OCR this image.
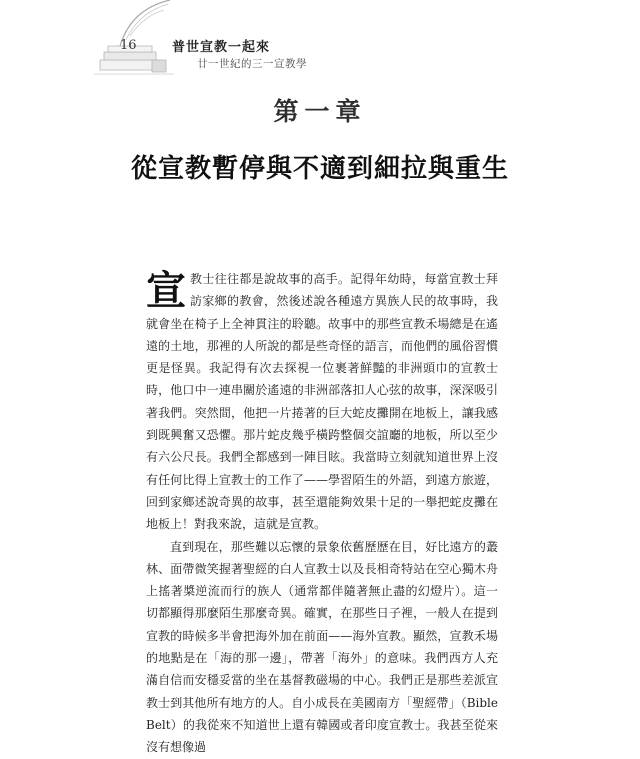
16	普世宣教一起來
廿一世紀的三一宣教學
第一章
從宣教暫停與不適到細拉與重生

宣 教士往往都是說故事的高手。記得年幼時，每當宣教士拜訪家鄉的教會，然後述說各種遠方異族人民的故事時，我就會坐在椅子上全神貫注的聆聽。故事中的那些宣教禾場總是在遙遠的土地，那裡的人所說的都是些奇怪的語言，而他們的風俗習慣更是怪異。我記得有次去探視一位裹著鮮豔的非洲頭巾的宣教士時，他口中一連串關於遙遠的非洲部落扣人心弦的故事，深深吸引著我們。突然間，他把一片捲著的巨大蛇皮攤開在地板上，讓我感到既興奮又恐懼。那片蛇皮幾乎橫跨整個交誼廳的地板，所以至少有六公尺長。我們全都感到一陣目眩。我當時立刻就知道世界上沒有任何比得上宣教士的工作了——學習陌生的外語，到遠方旅遊，回到家鄉述說奇異的故事，甚至還能夠效果十足的一舉把蛇皮攤在地板上！對我來說，這就是宣教。

直到現在，那些難以忘懷的景象依舊歷歷在目，好比遠方的叢林、面帶微笑握著聖經的白人宣教士以及長相奇特站在空心獨木舟上搖著槳逆流而行的族人（通常都伴隨著無止盡的幻燈片）。這一切都顯得那麼陌生那麼奇異。確實，在那些日子裡，一般人在提到宣教的時候多半會把海外加在前面——海外宣教。顯然，宣教禾場的地點是在「海的那一邊」，帶著「海外」的意味。我們西方人充滿自信而安穩妥當的坐在基督教磁場的中心。我們正是那些差派宣教士到其他所有地方的人。自小成長在美國南方「聖經帶」（Bible Belt）的我從來不知道世上還有韓國或者印度宣教士。我甚至從來沒有想像過
